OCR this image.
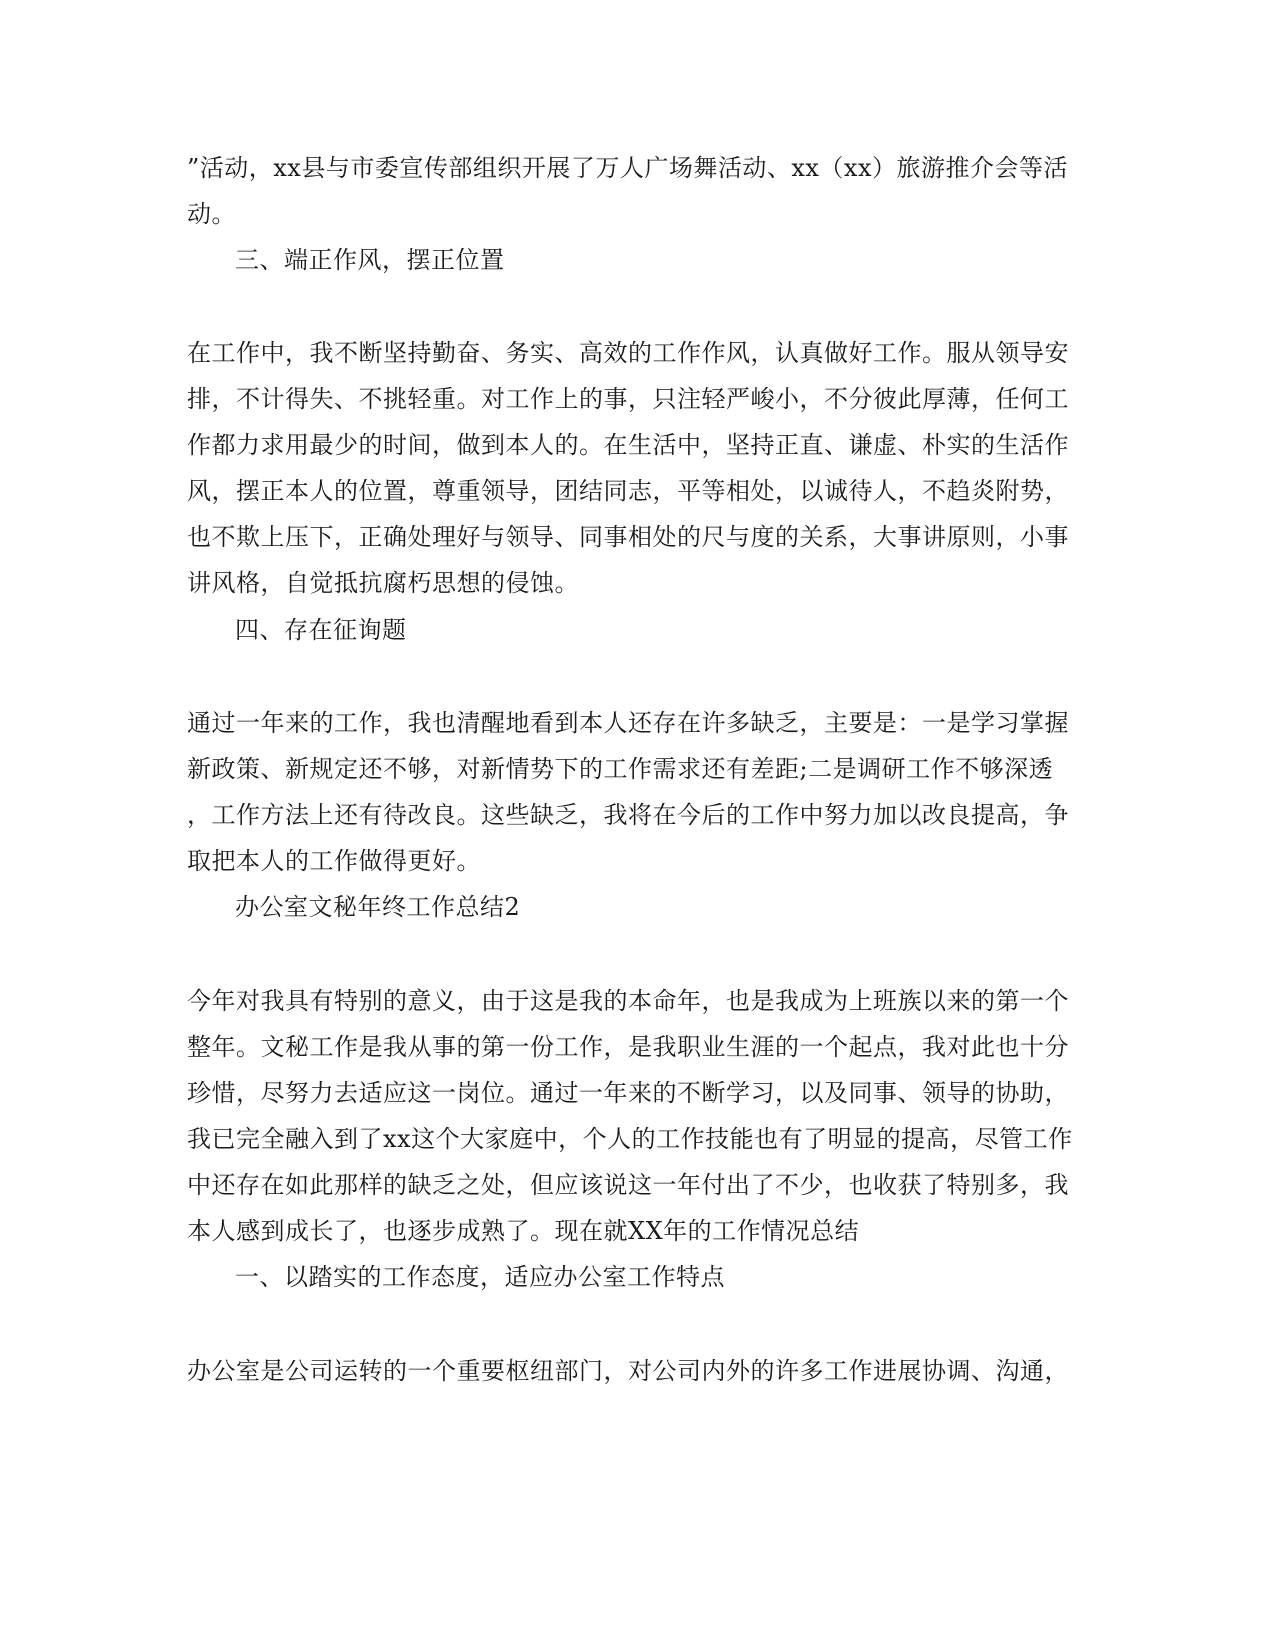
”活动，xx县与市委宣传部组织开展了万人广场舞活动、xx（xx）旅游推介会等活
动。
三、端正作风，摆正位置
在工作中，我不断坚持勤奋、务实、高效的工作作风，认真做好工作。服从领导安
排，不计得失、不挑轻重。对工作上的事，只注轻严峻小，不分彼此厚薄，任何工
作都力求用最少的时间，做到本人的。在生活中，坚持正直、谦虚、朴实的生活作
风，摆正本人的位置，尊重领导，团结同志，平等相处，以诚待人，不趋炎附势，
也不欺上压下，正确处理好与领导、同事相处的尺与度的关系，大事讲原则，小事
讲风格，自觉抵抗腐朽思想的侵蚀。
四、存在征询题
通过一年来的工作，我也清醒地看到本人还存在许多缺乏，主要是：一是学习掌握
新政策、新规定还不够，对新情势下的工作需求还有差距;二是调研工作不够深透
，工作方法上还有待改良。这些缺乏，我将在今后的工作中努力加以改良提高，争
取把本人的工作做得更好。
办公室文秘年终工作总结2
今年对我具有特别的意义，由于这是我的本命年，也是我成为上班族以来的第一个
整年。文秘工作是我从事的第一份工作，是我职业生涯的一个起点，我对此也十分
珍惜，尽努力去适应这一岗位。通过一年来的不断学习，以及同事、领导的协助，
我已完全融入到了xx这个大家庭中，个人的工作技能也有了明显的提高，尽管工作
中还存在如此那样的缺乏之处，但应该说这一年付出了不少，也收获了特别多，我
本人感到成长了，也逐步成熟了。现在就XX年的工作情况总结
一、以踏实的工作态度，适应办公室工作特点
办公室是公司运转的一个重要枢纽部门，对公司内外的许多工作进展协调、沟通，
